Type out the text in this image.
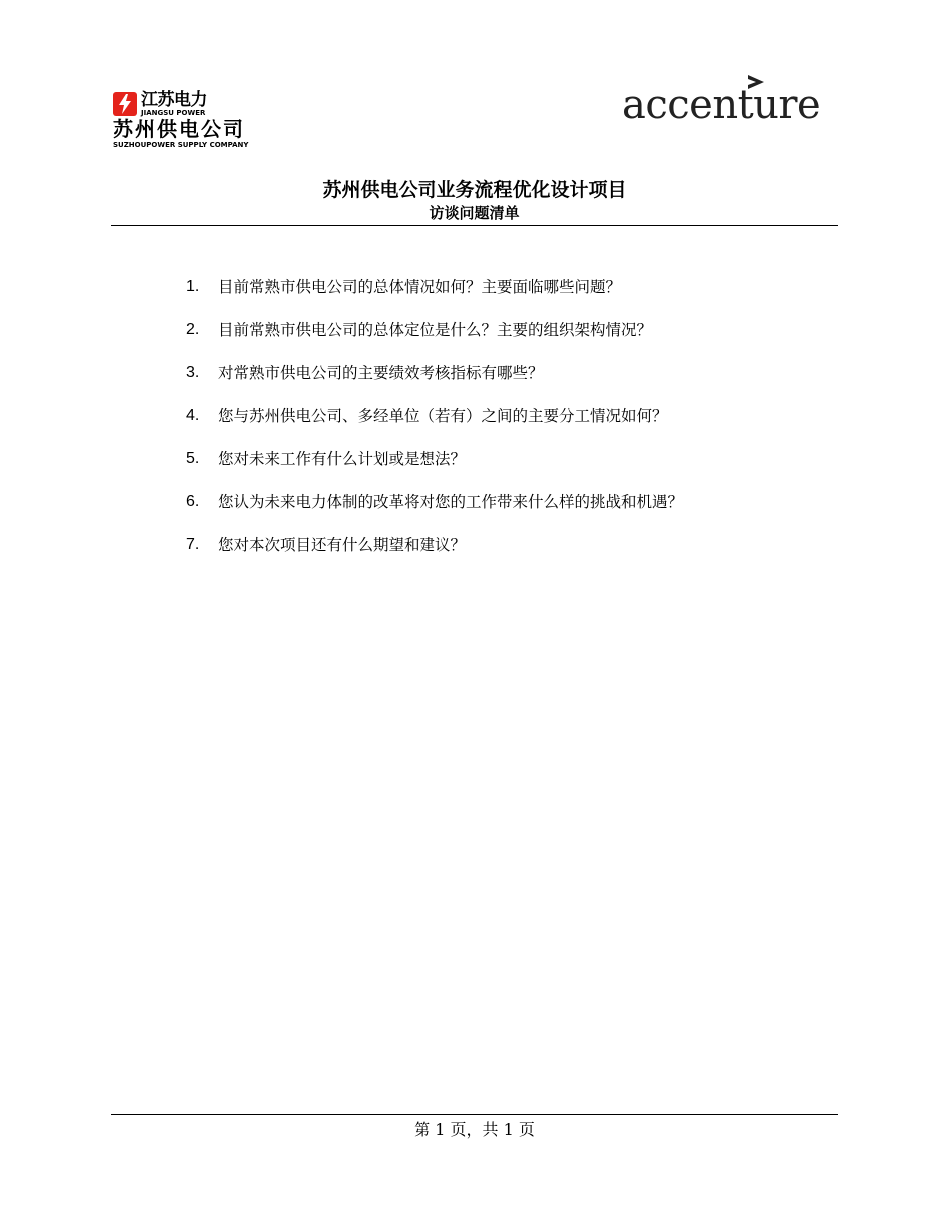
江苏电力
JIANGSU POWER
苏州供电公司
SUZHOUPOWER SUPPLY COMPANY
accenture
苏州供电公司业务流程优化设计项目
访谈问题清单
1.	目前常熟市供电公司的总体情况如何？主要面临哪些问题？
2.	目前常熟市供电公司的总体定位是什么？主要的组织架构情况？
3.	对常熟市供电公司的主要绩效考核指标有哪些？
4.	您与苏州供电公司、多经单位（若有）之间的主要分工情况如何？
5.	您对未来工作有什么计划或是想法？
6.	您认为未来电力体制的改革将对您的工作带来什么样的挑战和机遇？
7.	您对本次项目还有什么期望和建议？
第 1 页，共 1 页
